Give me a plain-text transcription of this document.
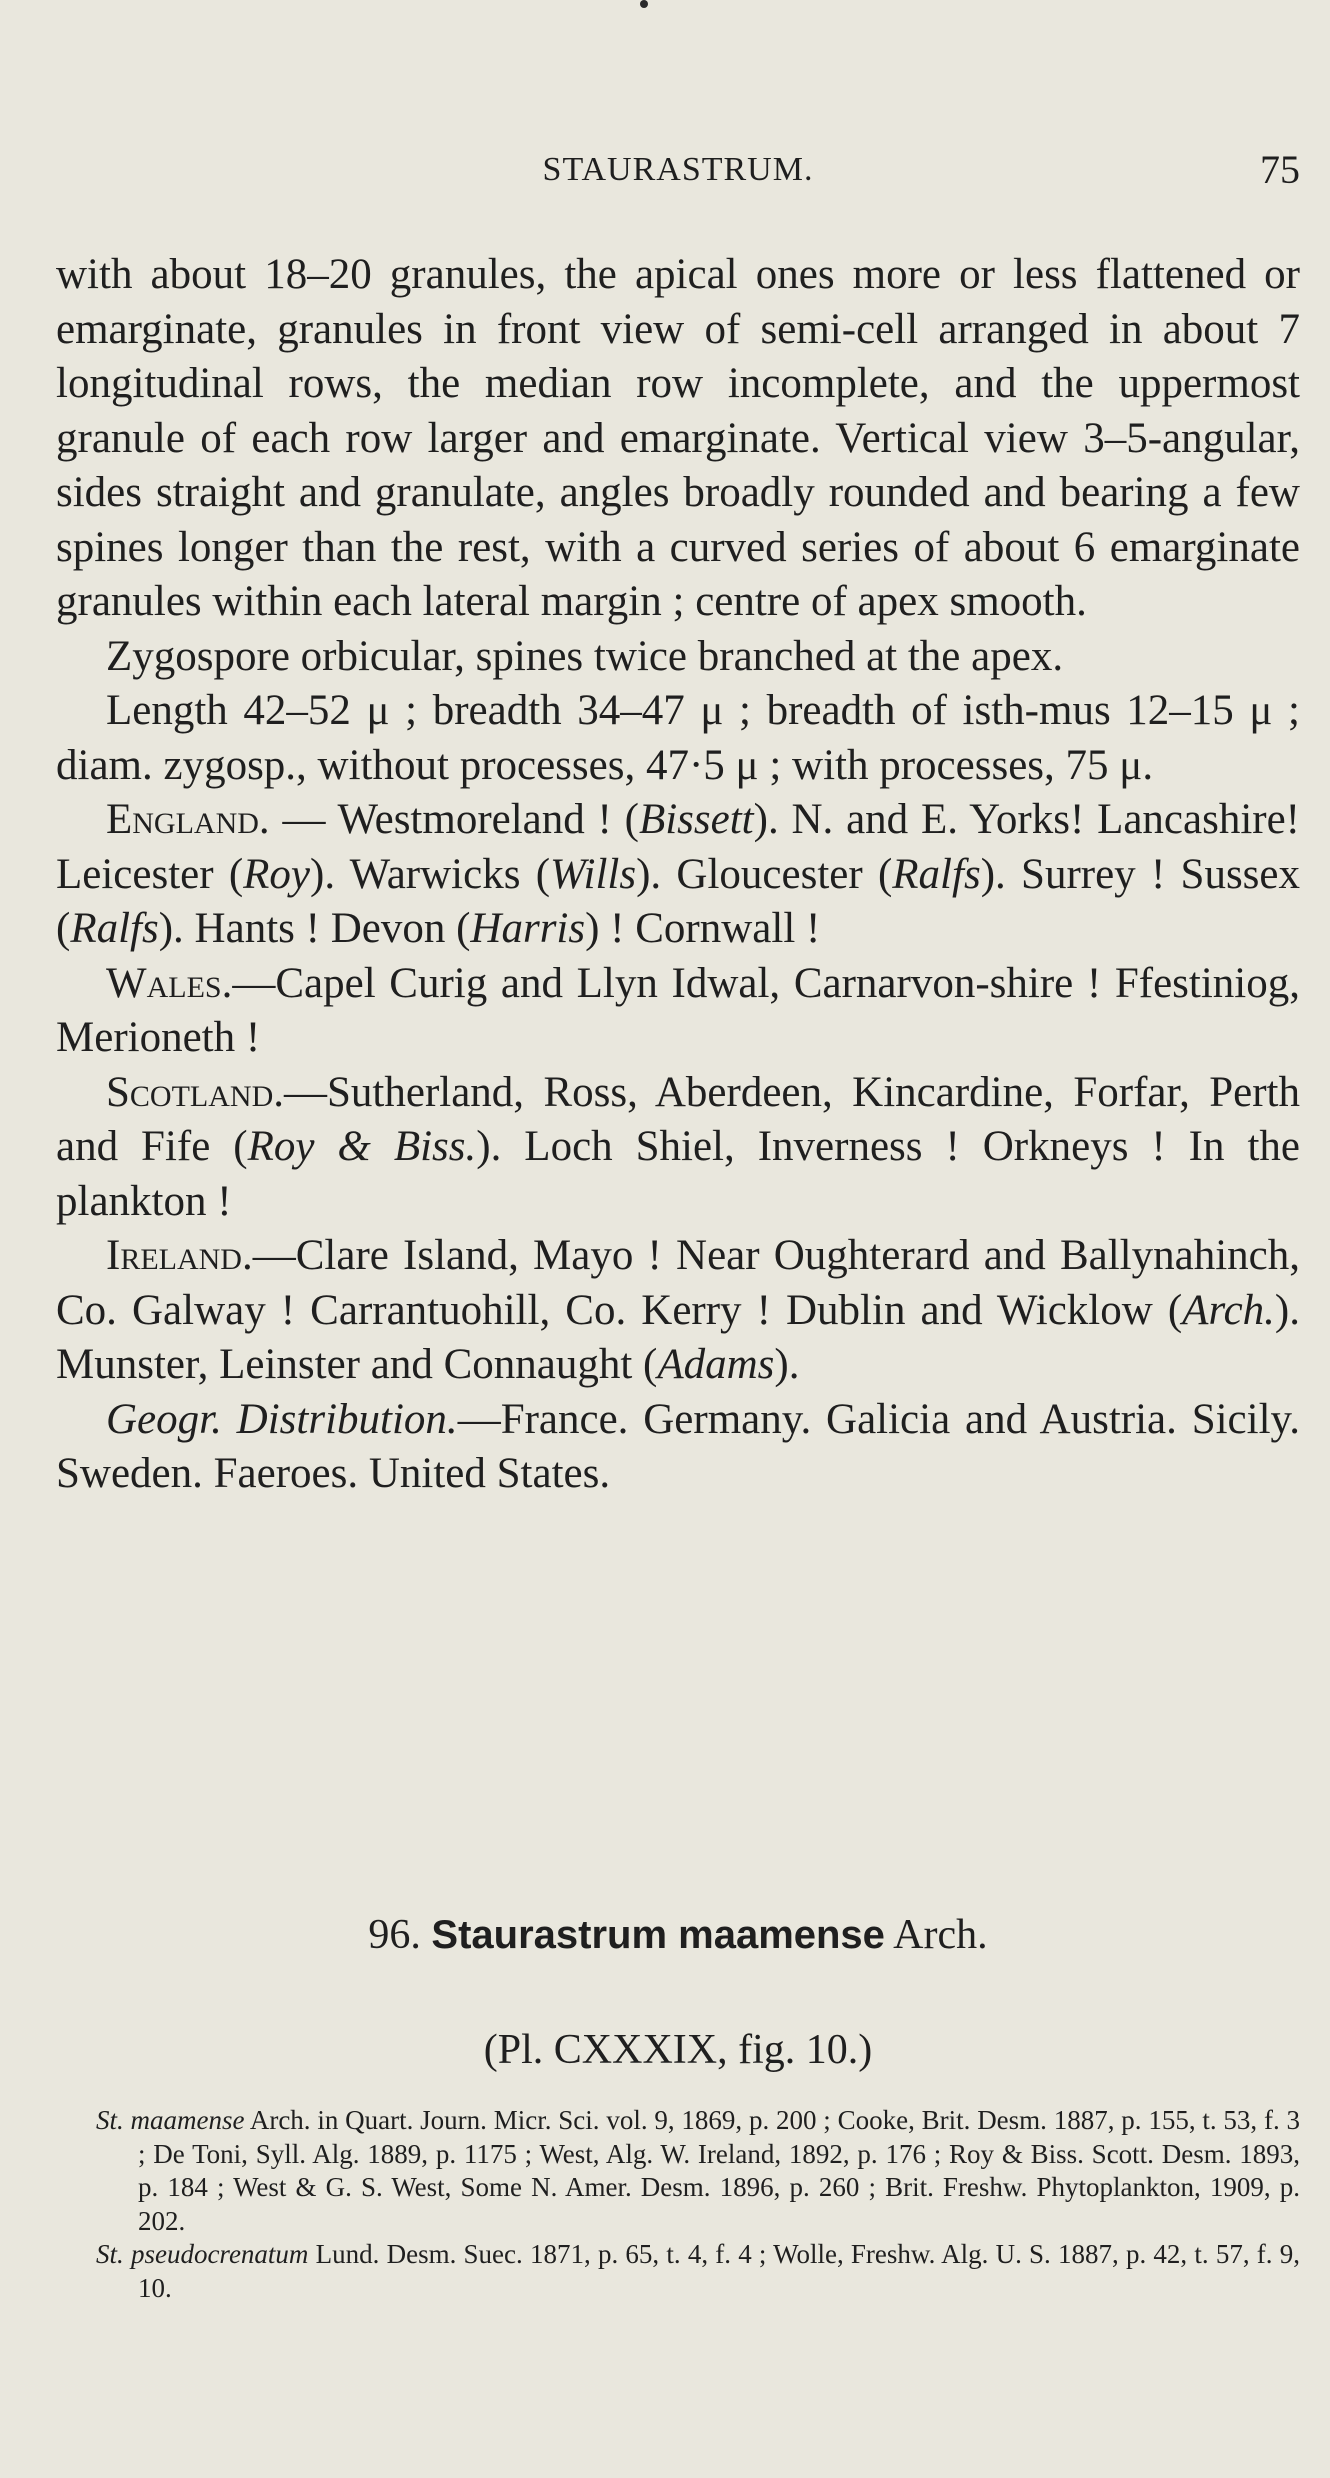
STAURASTRUM.	75

with about 18–20 granules, the apical ones more or less flattened or emarginate, granules in front view of semi-cell arranged in about 7 longitudinal rows, the median row incomplete, and the uppermost granule of each row larger and emarginate. Vertical view 3–5-angular, sides straight and granulate, angles broadly rounded and bearing a few spines longer than the rest, with a curved series of about 6 emarginate granules within each lateral margin ; centre of apex smooth.

Zygospore orbicular, spines twice branched at the apex.

Length 42–52 μ ; breadth 34–47 μ ; breadth of isth-mus 12–15 μ ; diam. zygosp., without processes, 47·5 μ ; with processes, 75 μ.

England. — Westmoreland ! (Bissett). N. and E. Yorks! Lancashire! Leicester (Roy). Warwicks (Wills). Gloucester (Ralfs). Surrey ! Sussex (Ralfs). Hants ! Devon (Harris) ! Cornwall !

Wales.—Capel Curig and Llyn Idwal, Carnarvon-shire ! Ffestiniog, Merioneth !

Scotland.—Sutherland, Ross, Aberdeen, Kincardine, Forfar, Perth and Fife (Roy & Biss.). Loch Shiel, Inverness ! Orkneys ! In the plankton !

Ireland.—Clare Island, Mayo ! Near Oughterard and Ballynahinch, Co. Galway ! Carrantuohill, Co. Kerry ! Dublin and Wicklow (Arch.). Munster, Leinster and Connaught (Adams).

Geogr. Distribution.—France. Germany. Galicia and Austria. Sicily. Sweden. Faeroes. United States.

96. Staurastrum maamense Arch.
(Pl. CXXXIX, fig. 10.)

St. maamense Arch. in Quart. Journ. Micr. Sci. vol. 9, 1869, p. 200 ; Cooke, Brit. Desm. 1887, p. 155, t. 53, f. 3 ; De Toni, Syll. Alg. 1889, p. 1175 ; West, Alg. W. Ireland, 1892, p. 176 ; Roy & Biss. Scott. Desm. 1893, p. 184 ; West & G. S. West, Some N. Amer. Desm. 1896, p. 260 ; Brit. Freshw. Phytoplankton, 1909, p. 202.

St. pseudocrenatum Lund. Desm. Suec. 1871, p. 65, t. 4, f. 4 ; Wolle, Freshw. Alg. U. S. 1887, p. 42, t. 57, f. 9, 10.
